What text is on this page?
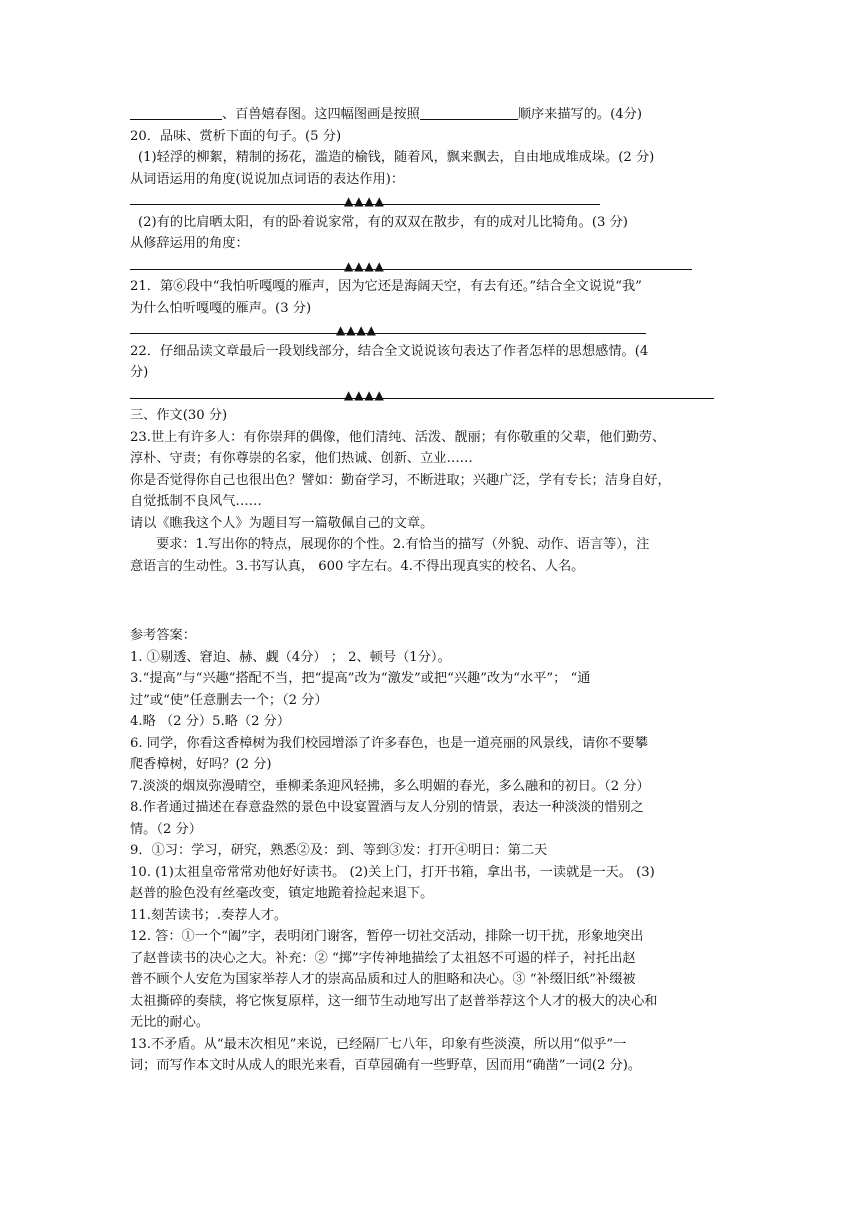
、百兽嬉春图。这四幅图画是按照	顺序来描写的。(4分)
20．品味、赏析下面的句子。(5 分)
(1)轻浮的柳絮，精制的扬花，滥造的榆钱，随着风，飘来飘去，自由地成堆成垛。(2 分)
从词语运用的角度(说说加点词语的表达作用)：
▲▲▲▲
(2)有的比肩晒太阳，有的卧着说家常，有的双双在散步，有的成对儿比犄角。(3 分)
从修辞运用的角度：
▲▲▲▲
21．第⑥段中“我怕听嘎嘎的雁声，因为它还是海阔天空，有去有还。”结合全文说说“我”
为什么怕听嘎嘎的雁声。(3 分)
▲▲▲▲
22．仔细品读文章最后一段划线部分，结合全文说说该句表达了作者怎样的思想感情。(4
分)
▲▲▲▲
三、作文(30 分)
23.世上有许多人：有你崇拜的偶像，他们清纯、活泼、靓丽；有你敬重的父辈，他们勤劳、
淳朴、守责；有你尊崇的名家，他们热诚、创新、立业……
你是否觉得你自己也很出色？譬如：勤奋学习，不断进取；兴趣广泛，学有专长；洁身自好，
自觉抵制不良风气……
请以《瞧我这个人》为题目写一篇敬佩自己的文章。
要求：1.写出你的特点，展现你的个性。2.有恰当的描写（外貌、动作、语言等），注
意语言的生动性。3.书写认真， 600 字左右。4.不得出现真实的校名、人名。
参考答案：
1. ①剔透、窘迫、赫、觑（4分） ； 2、顿号（1分）。
3.“提高”与“兴趣”搭配不当，把“提高”改为“激发”或把“兴趣”改为“水平”； “通
过”或“使”任意删去一个；（2 分）
4.略 （2 分）5.略（2 分）
6. 同学，你看这香樟树为我们校园增添了许多春色，也是一道亮丽的风景线，请你不要攀
爬香樟树，好吗？(2 分)
7.淡淡的烟岚弥漫晴空，垂柳柔条迎风轻拂，多么明媚的春光，多么融和的初日。（2 分）
8.作者通过描述在春意盎然的景色中设宴置酒与友人分别的情景，表达一种淡淡的惜别之
情。（2 分）
9．①习：学习，研究，熟悉②及：到、等到③发：打开④明日：第二天
10. (1)太祖皇帝常常劝他好好读书。 (2)关上门，打开书箱，拿出书，一读就是一天。 (3)
赵普的脸色没有丝毫改变，镇定地跪着捡起来退下。
11.刻苦读书；.奏荐人才。
12. 答：①一个“阖”字，表明闭门谢客，暂停一切社交活动，排除一切干扰，形象地突出
了赵普读书的决心之大。补充：② “掷”字传神地描绘了太祖怒不可遏的样子，衬托出赵
普不顾个人安危为国家举荐人才的崇高品质和过人的胆略和决心。③ “补缀旧纸”补缀被
太祖撕碎的奏牍，将它恢复原样，这一细节生动地写出了赵普举荐这个人才的极大的决心和
无比的耐心。
13.不矛盾。从“最末次相见”来说，已经隔厂七八年，印象有些淡漠，所以用“似乎”一
词；而写作本文时从成人的眼光来看，百草园确有一些野草，因而用“确凿”一词(2 分)。
